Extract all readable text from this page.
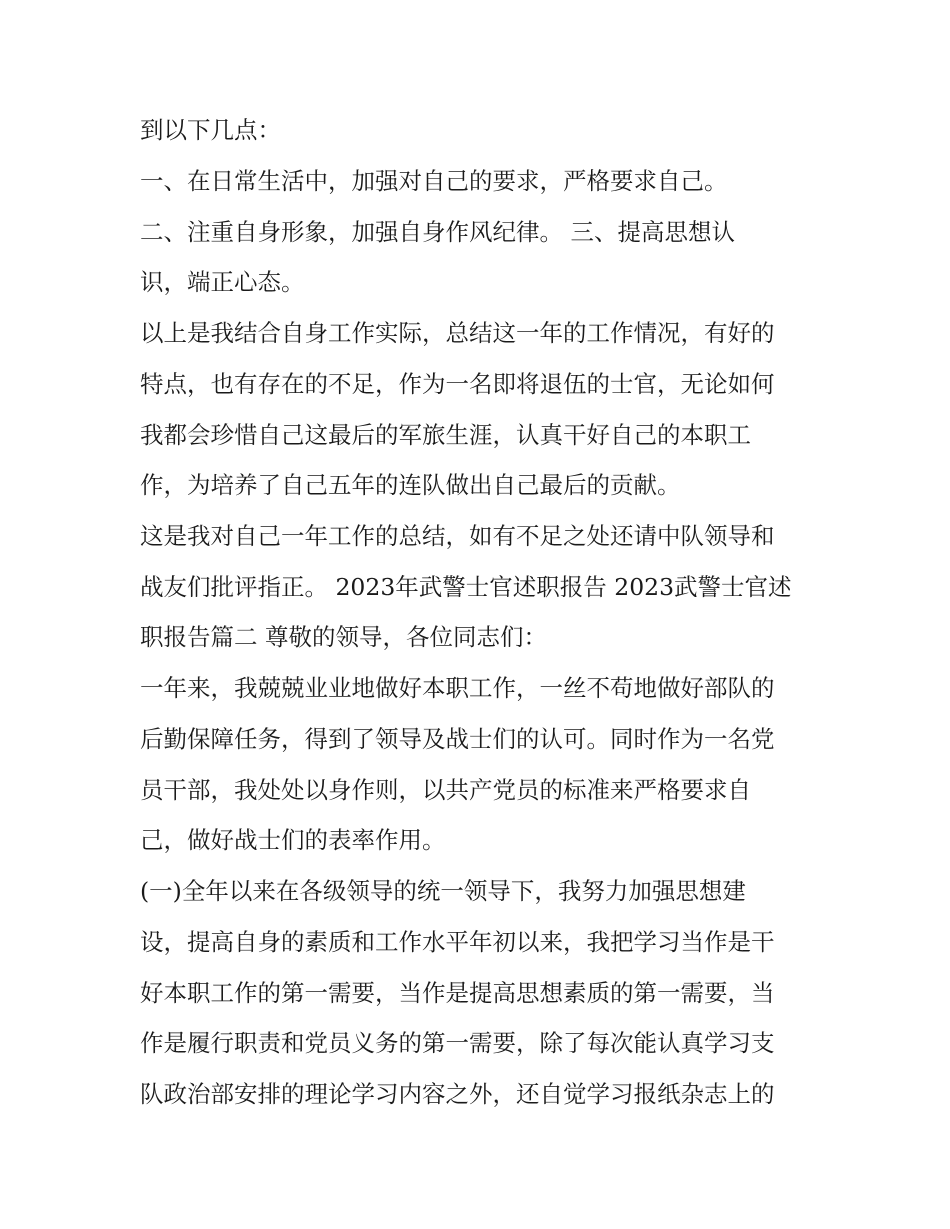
到以下几点：

一、在日常生活中，加强对自己的要求，严格要求自己。

二、注重自身形象，加强自身作风纪律。 三、提高思想认

识，端正心态。

以上是我结合自身工作实际，总结这一年的工作情况，有好的

特点，也有存在的不足，作为一名即将退伍的士官，无论如何

我都会珍惜自己这最后的军旅生涯，认真干好自己的本职工

作，为培养了自己五年的连队做出自己最后的贡献。

这是我对自己一年工作的总结，如有不足之处还请中队领导和

战友们批评指正。 2023年武警士官述职报告 2023武警士官述

职报告篇二 尊敬的领导，各位同志们：

一年来，我兢兢业业地做好本职工作，一丝不苟地做好部队的

后勤保障任务，得到了领导及战士们的认可。同时作为一名党

员干部，我处处以身作则，以共产党员的标准来严格要求自

己，做好战士们的表率作用。

(一)全年以来在各级领导的统一领导下，我努力加强思想建

设，提高自身的素质和工作水平年初以来，我把学习当作是干

好本职工作的第一需要，当作是提高思想素质的第一需要，当

作是履行职责和党员义务的第一需要，除了每次能认真学习支

队政治部安排的理论学习内容之外，还自觉学习报纸杂志上的
